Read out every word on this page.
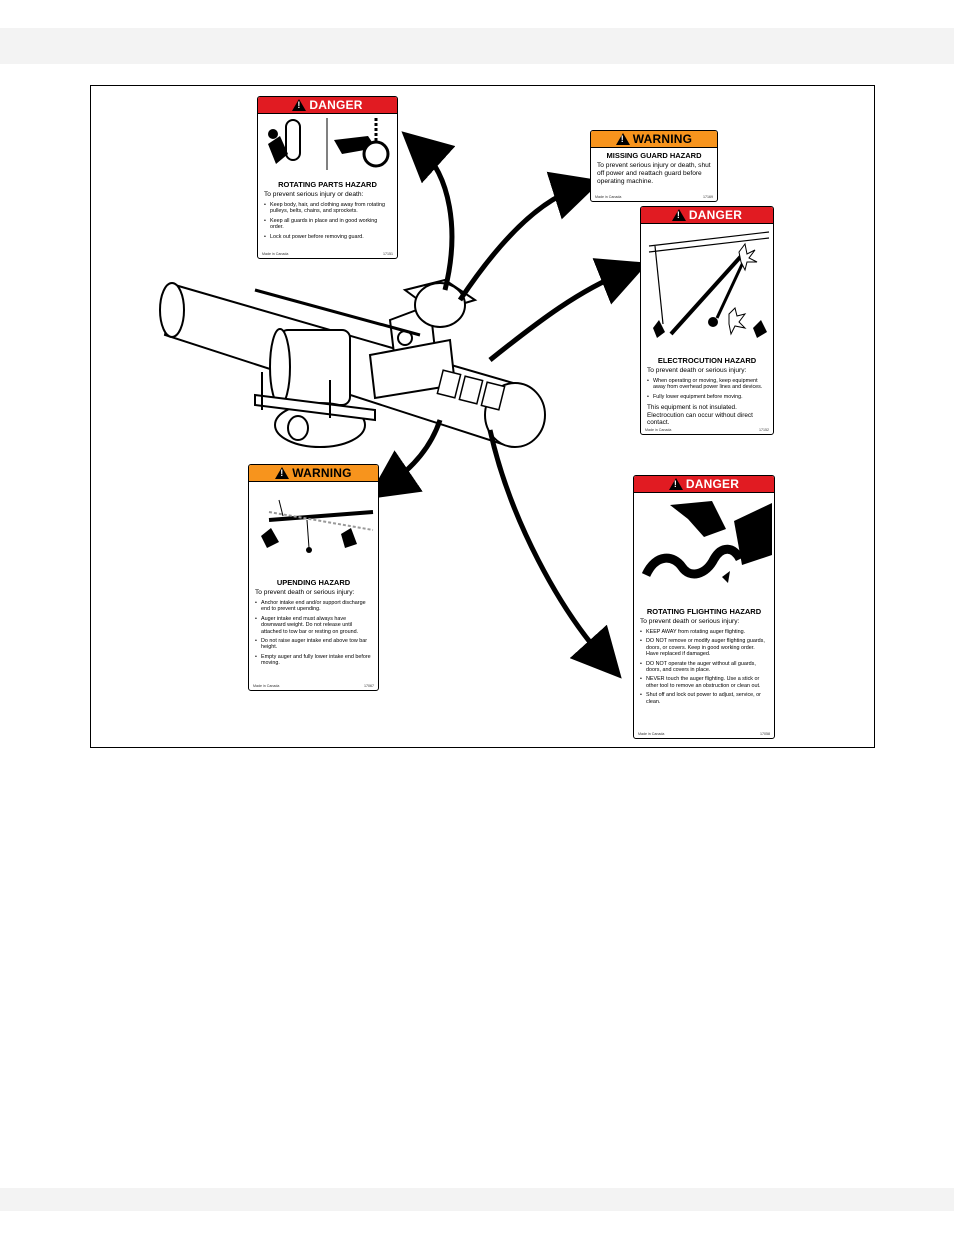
!
DANGER
ROTATING PARTS HAZARD
To prevent serious injury or death:
• Keep body, hair, and clothing away from rotating pulleys, belts, chains, and sprockets.
• Keep all guards in place and in good working order.
• Lock out power before removing guard.
Made in Canada	17151
!
WARNING
MISSING GUARD HAZARD
To prevent serious injury or death, shut off power and reattach guard before operating machine.
Made in Canada	17169
!
DANGER
ELECTROCUTION HAZARD
To prevent death or serious injury:
• When operating or moving, keep equipment away from overhead power lines and devices.
• Fully lower equipment before moving.
This equipment is not insulated. Electrocution can occur without direct contact.
Made in Canada	17152
!
WARNING
UPENDING HAZARD
To prevent death or serious injury:
• Anchor intake end and/or support discharge end to prevent upending.
• Auger intake end must always have downward weight. Do not release until attached to tow bar or resting on ground.
• Do not raise auger intake end above tow bar height.
• Empty auger and fully lower intake end before moving.
Made in Canada	17067
!
DANGER
ROTATING FLIGHTING HAZARD
To prevent death or serious injury:
• KEEP AWAY from rotating auger flighting.
• DO NOT remove or modify auger flighting guards, doors, or covers. Keep in good working order. Have replaced if damaged.
• DO NOT operate the auger without all guards, doors, and covers in place.
• NEVER touch the auger flighting. Use a stick or other tool to remove an obstruction or clean out.
• Shut off and lock out power to adjust, service, or clean.
Made in Canada	17058
